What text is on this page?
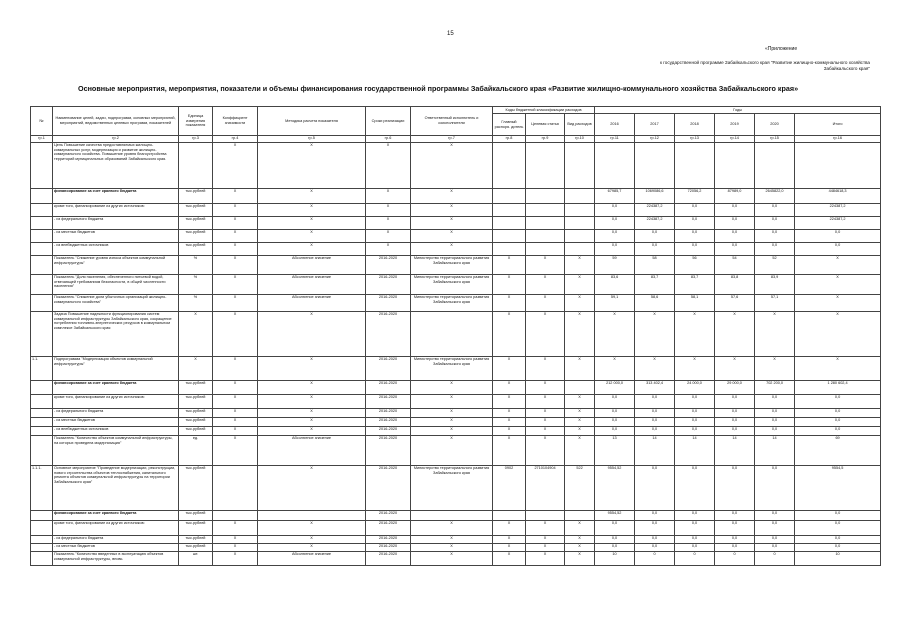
15
«Приложение
к государственной программе Забайкальского края "Развитие жилищно-коммунального хозяйства Забайкальского края"
Основные мероприятия, мероприятия, показатели и объемы финансирования государственной программы Забайкальского края «Развитие жилищно-коммунального хозяйства Забайкальского края»
№	Наименование целей, задач, подпрограмм, основных мероприятий, мероприятий, ведомственных целевых программ, показателей	Единица измерения показателя	Коэффициент значимости	Методика расчета показателя	Сроки реализации	Ответственный исполнитель и соисполнители	Коды бюджетной классификации расходов			Годы					
							Главный распоря. дитель	Целевая статья	Вид расходов	2016	2017	2018	2019	2020	Итого

гр.1	гр.2	гр.3	гр.4	гр.5	гр.6	гр.7	гр.8	гр.9	гр.10	гр.11	гр.12	гр.13	гр.14	гр.15	гр.16
	Цель Повышение качества предоставляемых жилищно-коммунальных услуг, модернизация и развитие жилищно-коммунального хозяйства. Повышение уровня благоустройства территорий муниципальных образований Забайкальского края.		X	X	X	X									
	финансирование за счет краевого бюджета	тыс.рублей	X	X	X	X				67985,7	1069086,6	72056,2	87989,0	2645822,0	4484618,3
	кроме того, финансирование из других источников:	тыс.рублей	X	X	X	X				0,0	224387,2	0,0	0,0	0,0	224387,2
	- из федерального бюджета	тыс.рублей	X	X	X	X				0,0	224387,2	0,0	0,0	0,0	224387,2
	- из местных бюджетов	тыс.рублей	X	X	X	X				0,0	0,0	0,0	0,0	0,0	0,0
	- из внебюджетных источников	тыс.рублей	X	X	X	X				0,0	0,0	0,0	0,0	0,0	0,0
	Показатель "Снижение уровня износа объектов коммунальной инфраструктуры"	%	X	Абсолютное значение	2016-2020	Министерство территориального развития Забайкальского края	X	X	X	59	58	56	54	52	X
	Показатель "Доля населения, обеспеченного питьевой водой, отвечающей требованиям безопасности, в общей численности населения"	%	X	Абсолютное значение	2016-2020	Министерство территориального развития Забайкальского края	X	X	X	83,6	83,7	83,7	83,8	83,9	X
	Показатель "Снижение доли убыточных организаций жилищно-коммунального хозяйства"	%	X	Абсолютное значение	2016-2020	Министерство территориального развития Забайкальского края	X	X	X	59,1	58,6	58,1	57,6	57,1	X
	Задача Повышение надежности функционирования систем коммунальной инфраструктуры Забайкальского края, сокращение потребления топливно-энергетических ресурсов в коммунальном комплексе Забайкальского края	X	X	X	2016-2020		X	X	X	X	X	X	X	X	X
1.1.	Подпрограмма "Модернизация объектов коммунальной инфраструктуры"	X	X	X	2016-2020	Министерство территориального развития Забайкальского края	X	X	X	X	X	X	X	X	X
	финансирование за счет краевого бюджета	тыс.рублей	X	X	2016-2020	X	X	X		212 000,0	313 402,4	24 000,0	29 000,0	702 200,0	1 280 602,4
	кроме того, финансирование из других источников:	тыс.рублей	X	X	2016-2020	X	X	X	X	0,0	0,0	0,0	0,0	0,0	0,0
	- из федерального бюджета	тыс.рублей	X	X	2016-2020	X	X	X	X	0,0	0,0	0,0	0,0	0,0	0,0
	- из местных бюджетов	тыс.рублей	X	X	2016-2020	X	X	X	X	0,0	0,0	0,0	0,0	0,0	0,0
	- из внебюджетных источников	тыс.рублей	X	X	2016-2020	X	X	X	X	0,0	0,0	0,0	0,0	0,0	0,0
	Показатель "Количество объектов коммунальной инфраструктуры, на которых проведена модернизация"	ед.	X	Абсолютное значение	2016-2020	X	X	X	X	13	14	14	14	14	69
1.1.1.	Основное мероприятие "Проведение модернизации, реконструкции, нового строительства объектов теплоснабжения, капитального ремонта объектов коммунальной инфраструктуры на территории Забайкальского края"	тыс.рублей		X	2016-2020	Министерство территориального развития Забайкальского края	0902	2710104904	522	9554,52	0,0	0,0	0,0	0,0	9554,5
	финансирование за счет краевого бюджета	тыс.рублей			2016-2020					9554,52	0,0	0,0	0,0	0,0	0,0
	кроме того, финансирование из других источников:	тыс.рублей	X	X	2016-2020	X	X	X	X	0,0	0,0	0,0	0,0	0,0	0,0
	- из федерального бюджета	тыс.рублей	X	X	2016-2020	X	X	X	X	0,0	0,0	0,0	0,0	0,0	0,0
	- из местных бюджетов	тыс.рублей	X	X	2016-2020	X	X	X	X	0,0	0,0	0,0	0,0	0,0	0,0
	Показатель "Количество введенных в эксплуатацию объектов коммунальной инфраструктуры, вновь	шт.	X	Абсолютное значение	2016-2020	X	X	X	X	10	0	0	0	0	10
